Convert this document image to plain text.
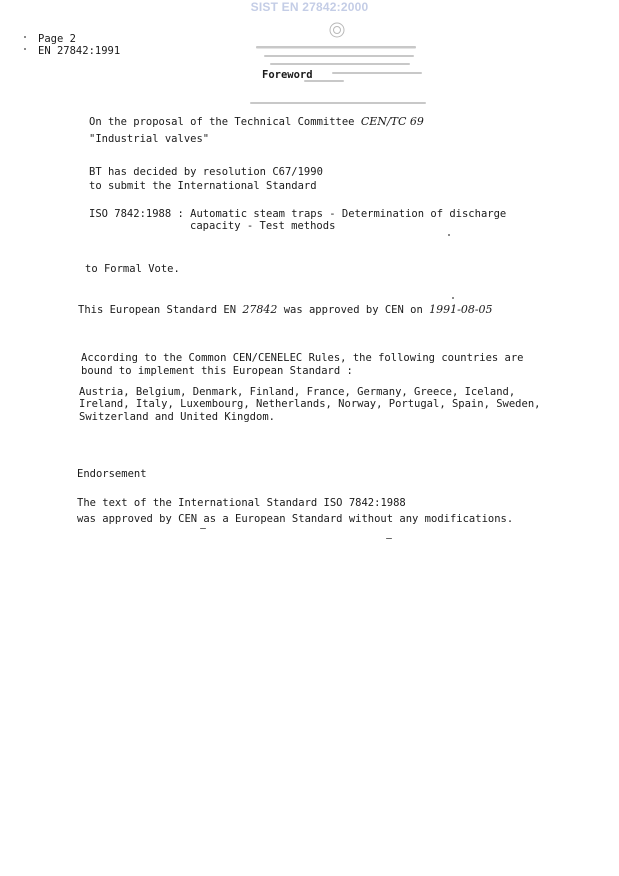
SIST EN 27842:2000
Page 2
EN 27842:1991
Foreword
On the proposal of the Technical Committee CEN/TC 69
"Industrial valves"
BT has decided by resolution C67/1990
to submit the International Standard
ISO 7842:1988 : Automatic steam traps - Determination of discharge
capacity - Test methods
to Formal Vote.
This European Standard EN 27842 was approved by CEN on 1991-08-05
According to the Common CEN/CENELEC Rules, the following countries are
bound to implement this European Standard :
Austria, Belgium, Denmark, Finland, France, Germany, Greece, Iceland,
Ireland, Italy, Luxembourg, Netherlands, Norway, Portugal, Spain, Sweden,
Switzerland and United Kingdom.
Endorsement
The text of the International Standard ISO 7842:1988
was approved by CEN as a European Standard without any modifications.
